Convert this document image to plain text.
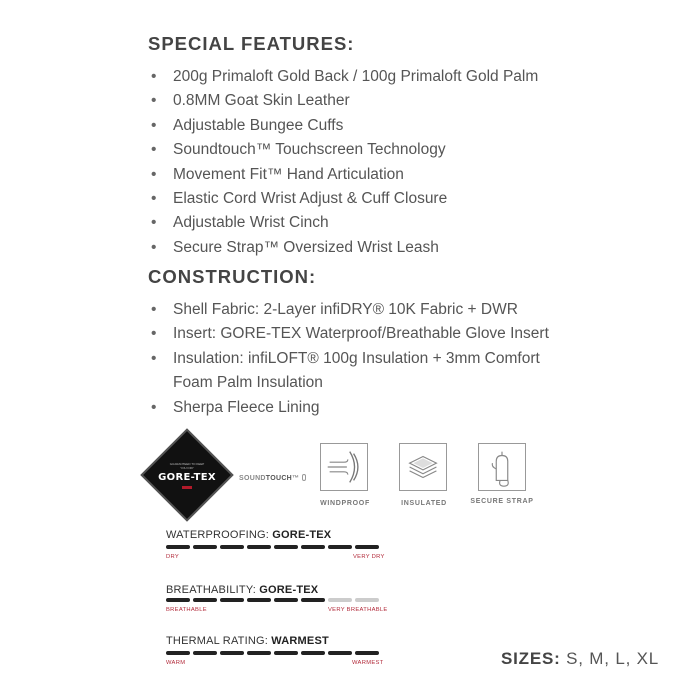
SPECIAL FEATURES:
• 200g Primaloft Gold Back / 100g Primaloft Gold Palm
• 0.8MM Goat Skin Leather
• Adjustable Bungee Cuffs
• Soundtouch™ Touchscreen Technology
• Movement Fit™ Hand Articulation
• Elastic Cord Wrist Adjust & Cuff Closure
• Adjustable Wrist Cinch
• Secure Strap™ Oversized Wrist Leash
CONSTRUCTION:
• Shell Fabric: 2-Layer infiDRY® 10K Fabric + DWR
• Insert: GORE-TEX Waterproof/Breathable Glove Insert
• Insulation: infiLOFT® 100g Insulation + 3mm Comfort Foam Palm Insulation
• Sherpa Fleece Lining
GUARANTEED TO KEEP YOU DRY
GORE-TEX	SOUNDTOUCH™
WINDPROOF	INSULATED	SECURE STRAP
WATERPROOFING: GORE-TEX
DRY	VERY DRY
BREATHABILITY: GORE-TEX
BREATHABLE	VERY BREATHABLE
THERMAL RATING: WARMEST
WARM	WARMEST	SIZES: S, M, L, XL
